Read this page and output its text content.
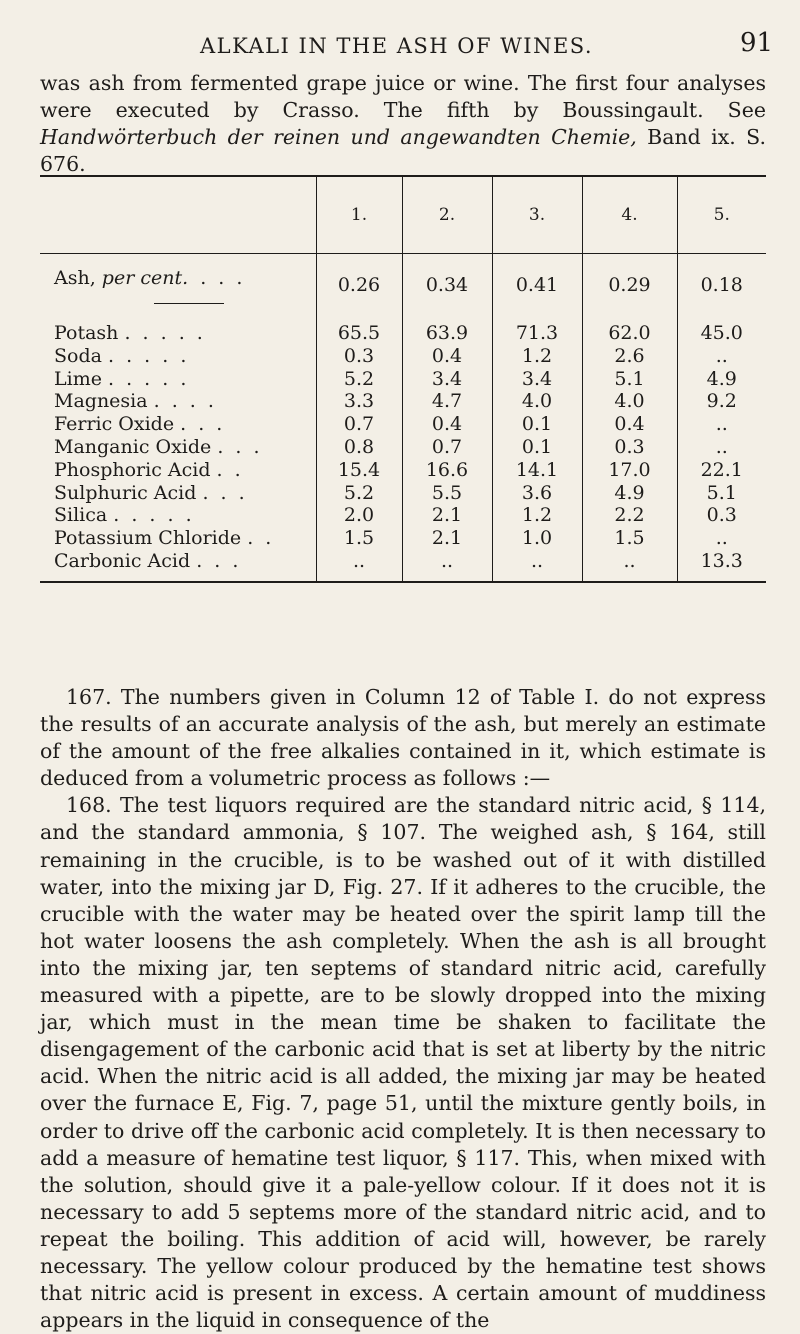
ALKALI IN THE ASH OF WINES.	91

was ash from fermented grape juice or wine. The first four analyses were executed by Crasso. The fifth by Boussingault. See Handwörterbuch der reinen und angewandten Chemie, Band ix. S. 676.

	1.	2.	3.	4.	5.
Ash, per cent. . . .	0.26	0.34	0.41	0.29	0.18
Potash . . . . .	65.5	63.9	71.3	62.0	45.0
Soda . . . . .	0.3	0.4	1.2	2.6	..
Lime . . . . .	5.2	3.4	3.4	5.1	4.9
Magnesia . . . .	3.3	4.7	4.0	4.0	9.2
Ferric Oxide . . .	0.7	0.4	0.1	0.4	..
Manganic Oxide . . .	0.8	0.7	0.1	0.3	..
Phosphoric Acid . .	15.4	16.6	14.1	17.0	22.1
Sulphuric Acid . . .	5.2	5.5	3.6	4.9	5.1
Silica . . . . .	2.0	2.1	1.2	2.2	0.3
Potassium Chloride . .	1.5	2.1	1.0	1.5	..
Carbonic Acid . . .	..	..	..	..	13.3

167. The numbers given in Column 12 of Table I. do not express the results of an accurate analysis of the ash, but merely an estimate of the amount of the free alkalies contained in it, which estimate is deduced from a volumetric process as follows :—

168. The test liquors required are the standard nitric acid, § 114, and the standard ammonia, § 107. The weighed ash, § 164, still remaining in the crucible, is to be washed out of it with distilled water, into the mixing jar D, Fig. 27. If it adheres to the crucible, the crucible with the water may be heated over the spirit lamp till the hot water loosens the ash completely. When the ash is all brought into the mixing jar, ten septems of standard nitric acid, carefully measured with a pipette, are to be slowly dropped into the mixing jar, which must in the mean time be shaken to facilitate the disengagement of the carbonic acid that is set at liberty by the nitric acid. When the nitric acid is all added, the mixing jar may be heated over the furnace E, Fig. 7, page 51, until the mixture gently boils, in order to drive off the carbonic acid completely. It is then necessary to add a measure of hematine test liquor, § 117. This, when mixed with the solution, should give it a pale-yellow colour. If it does not it is necessary to add 5 septems more of the standard nitric acid, and to repeat the boiling. This addition of acid will, however, be rarely necessary. The yellow colour produced by the hematine test shows that nitric acid is present in excess. A certain amount of muddiness appears in the liquid in consequence of the
